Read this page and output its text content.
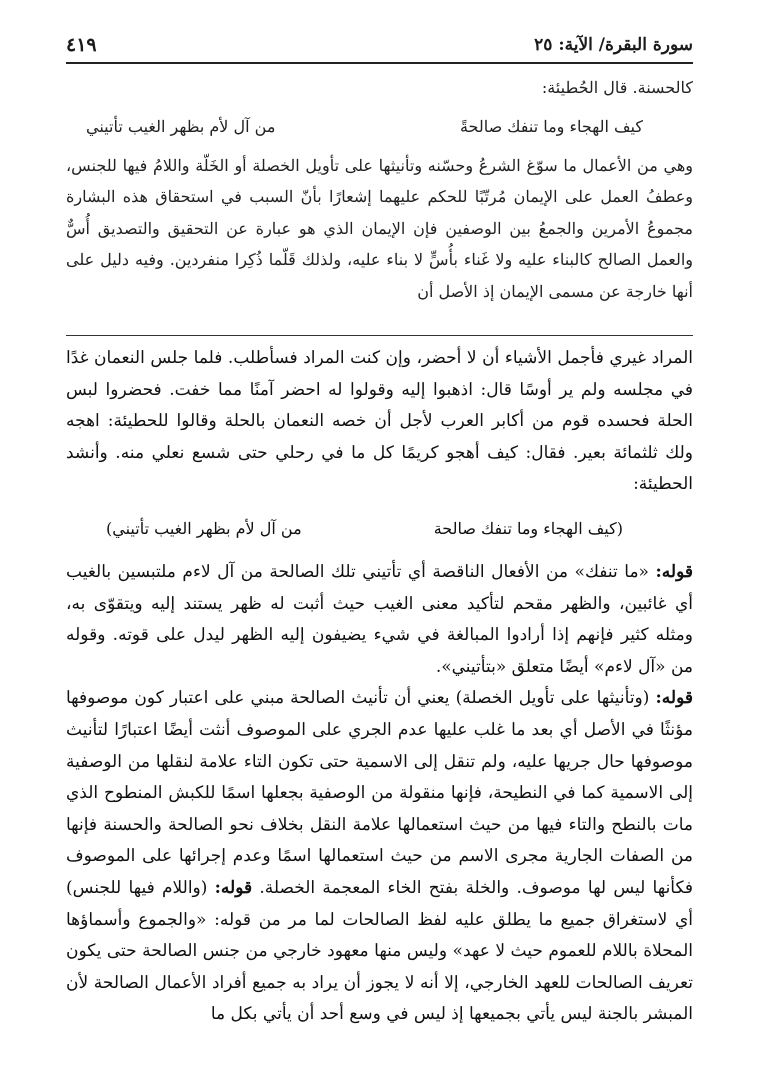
سورة البقرة/ الآية: ٢٥
٤١٩

كالحسنة. قال الحُطيئة:

كيف الهجاء وما تنفك صالحةً
من آل لأم بظهر الغيب تأتيني

وهي من الأعمال ما سوّغ الشرعُ وحسّنه وتأنيثها على تأويل الخصلة أو الخَلّة واللامُ فيها للجنس، وعطفُ العمل على الإيمان مُرتّبًا للحكم عليهما إشعارًا بأنّ السبب في استحقاق هذه البشارة مجموعُ الأمرين والجمعُ بين الوصفين فإن الإيمان الذي هو عبارة عن التحقيق والتصديق أُسٌّ والعمل الصالح كالبناء عليه ولا غَناء بأُسٍّ لا بناء عليه، ولذلك قَلّما ذُكِرا منفردين. وفيه دليل على أنها خارجة عن مسمى الإيمان إذ الأصل أن

المراد غيري فأجمل الأشياء أن لا أحضر، وإن كنت المراد فسأطلب. فلما جلس النعمان غدًا في مجلسه ولم ير أوسًا قال: اذهبوا إليه وقولوا له احضر آمنًا مما خفت. فحضروا لبس الحلة فحسده قوم من أكابر العرب لأجل أن خصه النعمان بالحلة وقالوا للحطيئة: اهجه ولك ثلثمائة بعير. فقال: كيف أهجو كريمًا كل ما في رحلي حتى شسع نعلي منه. وأنشد الحطيئة:

(كيف الهجاء وما تنفك صالحة
من آل لأم بظهر الغيب تأتيني)

قوله: «ما تنفك» من الأفعال الناقصة أي تأتيني تلك الصالحة من آل لاءم ملتبسين بالغيب أي غائبين، والظهر مقحم لتأكيد معنى الغيب حيث أثبت له ظهر يستند إليه ويتقوّى به، ومثله كثير فإنهم إذا أرادوا المبالغة في شيء يضيفون إليه الظهر ليدل على قوته. وقوله من «آل لاءم» أيضًا متعلق «بتأتيني».

قوله: (وتأنيثها على تأويل الخصلة) يعني أن تأنيث الصالحة مبني على اعتبار كون موصوفها مؤنثًا في الأصل أي بعد ما غلب عليها عدم الجري على الموصوف أنثت أيضًا اعتبارًا لتأنيث موصوفها حال جريها عليه، ولم تنقل إلى الاسمية حتى تكون التاء علامة لنقلها من الوصفية إلى الاسمية كما في النطيحة، فإنها منقولة من الوصفية بجعلها اسمًا للكبش المنطوح الذي مات بالنطح والتاء فيها من حيث استعمالها علامة النقل بخلاف نحو الصالحة والحسنة فإنها من الصفات الجارية مجرى الاسم من حيث استعمالها اسمًا وعدم إجرائها على الموصوف فكأنها ليس لها موصوف. والخلة بفتح الخاء المعجمة الخصلة. قوله: (واللام فيها للجنس) أي لاستغراق جميع ما يطلق عليه لفظ الصالحات لما مر من قوله: «والجموع وأسماؤها المحلاة باللام للعموم حيث لا عهد» وليس منها معهود خارجي من جنس الصالحة حتى يكون تعريف الصالحات للعهد الخارجي، إلا أنه لا يجوز أن يراد به جميع أفراد الأعمال الصالحة لأن المبشر بالجنة ليس يأتي بجميعها إذ ليس في وسع أحد أن يأتي بكل ما
